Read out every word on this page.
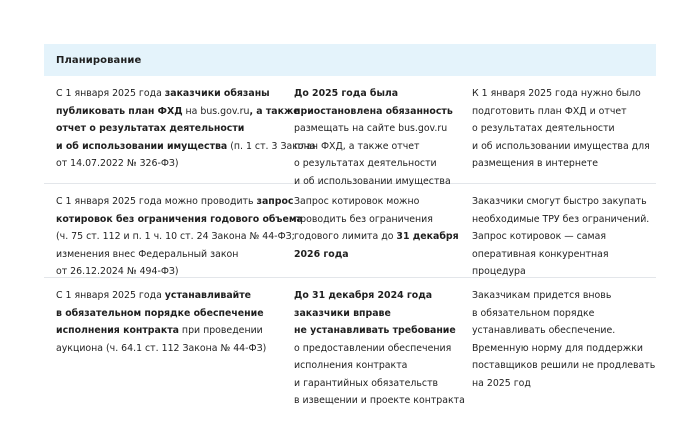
Планирование
С 1 января 2025 года заказчики обязаны
публиковать план ФХД на bus.gov.ru, а также
отчет о результатах деятельности
и об использовании имущества (п. 1 ст. 3 Закона
от 14.07.2022 № 326-ФЗ)
До 2025 года была
приостановлена обязанность
размещать на сайте bus.gov.ru
план ФХД, а также отчет
о результатах деятельности
и об использовании имущества
К 1 января 2025 года нужно было
подготовить план ФХД и отчет
о результатах деятельности
и об использовании имущества для
размещения в интернете
С 1 января 2025 года можно проводить запрос
котировок без ограничения годового объема
(ч. 75 ст. 112 и п. 1 ч. 10 ст. 24 Закона № 44-ФЗ;
изменения внес Федеральный закон
от 26.12.2024 № 494-ФЗ)
Запрос котировок можно
проводить без ограничения
годового лимита до 31 декабря
2026 года
Заказчики смогут быстро закупать
необходимые ТРУ без ограничений.
Запрос котировок — самая
оперативная конкурентная
процедура
С 1 января 2025 года устанавливайте
в обязательном порядке обеспечение
исполнения контракта при проведении
аукциона (ч. 64.1 ст. 112 Закона № 44-ФЗ)
До 31 декабря 2024 года
заказчики вправе
не устанавливать требование
о предоставлении обеспечения
исполнения контракта
и гарантийных обязательств
в извещении и проекте контракта
Заказчикам придется вновь
в обязательном порядке
устанавливать обеспечение.
Временную норму для поддержки
поставщиков решили не продлевать
на 2025 год
